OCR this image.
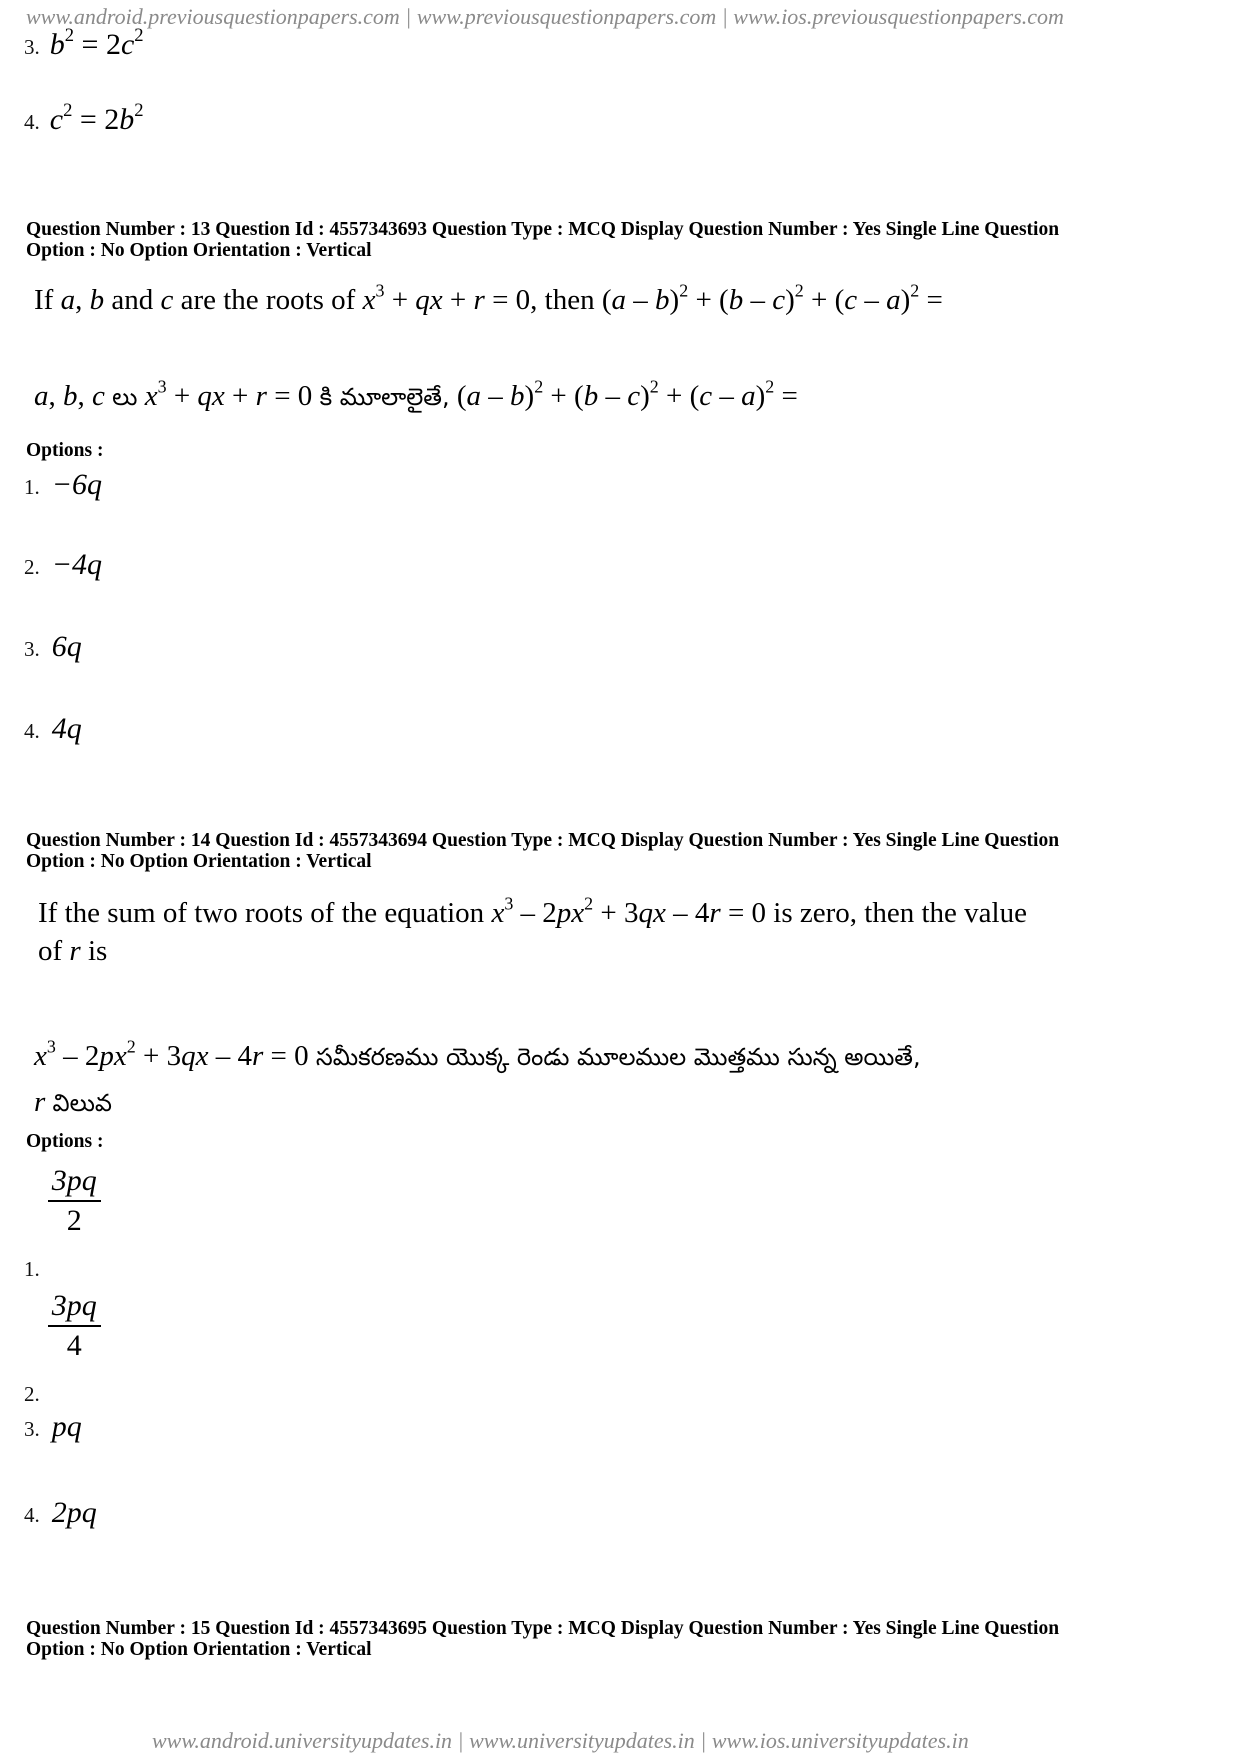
www.android.previousquestionpapers.com | www.previousquestionpapers.com | www.ios.previousquestionpapers.com
3. $b^2 = 2c^2$
4. $c^2 = 2b^2$
Question Number : 13 Question Id : 4557343693 Question Type : MCQ Display Question Number : Yes Single Line Question
Option : No Option Orientation : Vertical
If a, b and c are the roots of $x^3$ + qx + r = 0, then (a – b)$^2$ + (b – c)$^2$ + (c – a)$^2$ =
a, b, c లు $x^3$ + qx + r = 0 కి మూలాలైతే, (a – b)$^2$ + (b – c)$^2$ + (c – a)$^2$ =
Options :
1. −6q
2. −4q
3. 6q
4. 4q
Question Number : 14 Question Id : 4557343694 Question Type : MCQ Display Question Number : Yes Single Line Question
Option : No Option Orientation : Vertical
If the sum of two roots of the equation $x^3 - 2px^2 + 3qx - 4r = 0$ is zero, then the value
of r is
$x^3 - 2px^2 + 3qx - 4r = 0$ సమీకరణము యొక్క రెండు మూలముల మొత్తము సున్న అయితే,
r విలువ
Options :
1.
$\frac{3pq}{2}$
2.
$\frac{3pq}{4}$
3. pq
4. 2pq
Question Number : 15 Question Id : 4557343695 Question Type : MCQ Display Question Number : Yes Single Line Question
Option : No Option Orientation : Vertical
www.android.universityupdates.in | www.universityupdates.in | www.ios.universityupdates.in
